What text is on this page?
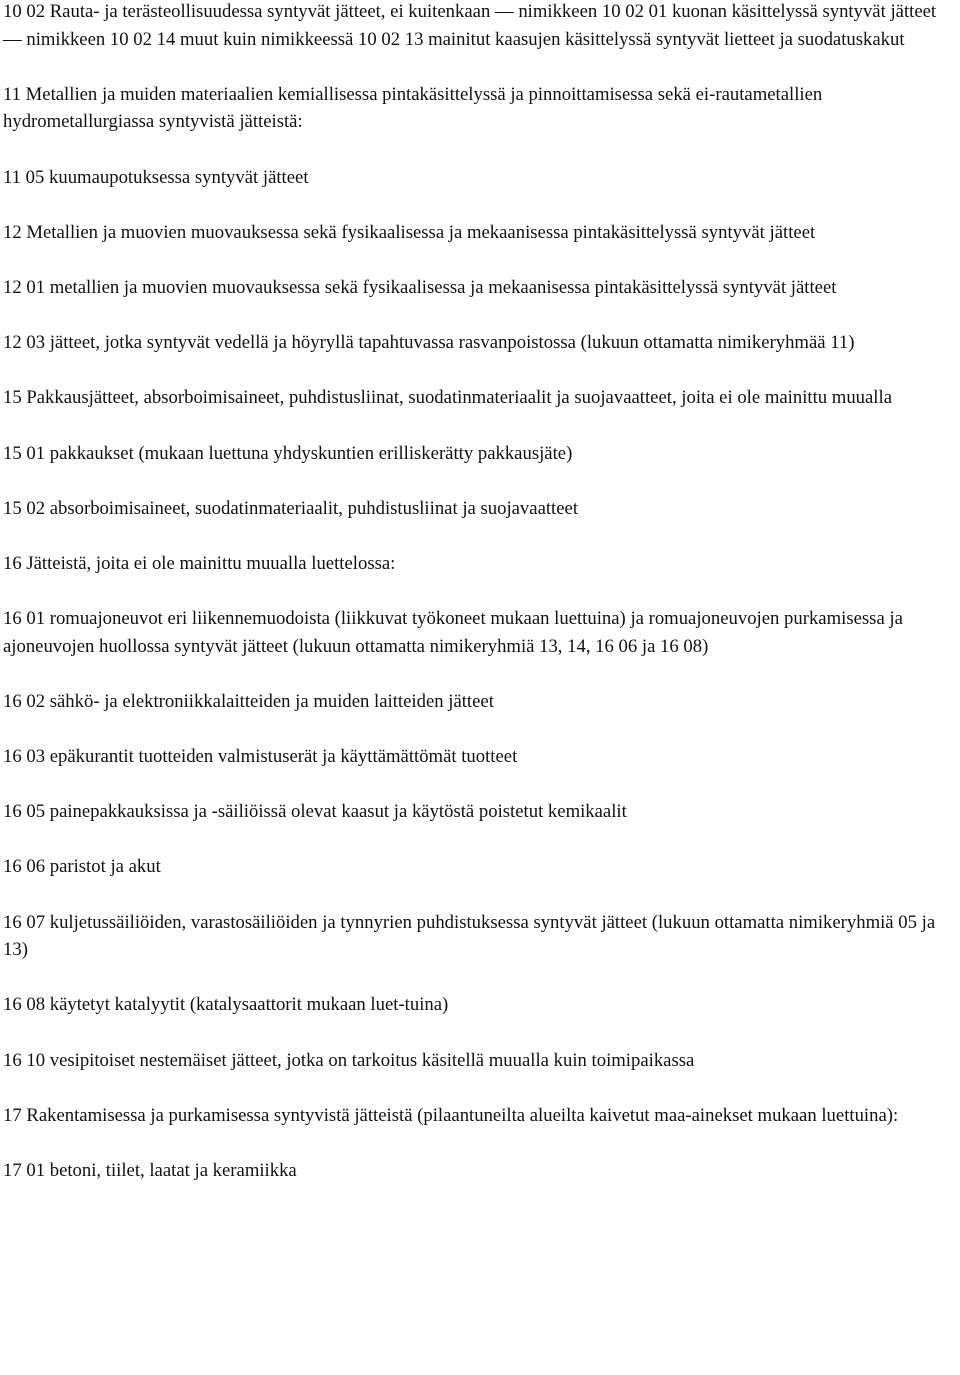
10 02 Rauta- ja terästeollisuudessa syntyvät jätteet, ei kuitenkaan — nimikkeen 10 02 01 kuonan käsittelyssä syntyvät jätteet — nimikkeen 10 02 14 muut kuin nimikkeessä 10 02 13 mainitut kaasujen käsittelyssä syntyvät lietteet ja suodatuskakut

11 Metallien ja muiden materiaalien kemiallisessa pintakäsittelyssä ja pinnoittamisessa sekä ei-rautametallien hydrometallurgiassa syntyvistä jätteistä:

11 05 kuumaupotuksessa syntyvät jätteet

12 Metallien ja muovien muovauksessa sekä fysikaalisessa ja mekaanisessa pintakäsittelyssä syntyvät jätteet

12 01 metallien ja muovien muovauksessa sekä fysikaalisessa ja mekaanisessa pintakäsittelyssä syntyvät jätteet

12 03 jätteet, jotka syntyvät vedellä ja höyryllä tapahtuvassa rasvanpoistossa (lukuun ottamatta nimikeryhmää 11)

15 Pakkausjätteet, absorboimisaineet, puhdistusliinat, suodatinmateriaalit ja suojavaatteet, joita ei ole mainittu muualla

15 01 pakkaukset (mukaan luettuna yhdyskuntien erilliskerätty pakkausjäte)

15 02 absorboimisaineet, suodatinmateriaalit, puhdistusliinat ja suojavaatteet

16 Jätteistä, joita ei ole mainittu muualla luettelossa:

16 01 romuajoneuvot eri liikennemuodoista (liikkuvat työkoneet mukaan luettuina) ja romuajoneuvojen purkamisessa ja ajoneuvojen huollossa syntyvät jätteet (lukuun ottamatta nimikeryhmiä 13, 14, 16 06 ja 16 08)

16 02 sähkö- ja elektroniikkalaitteiden ja muiden laitteiden jätteet

16 03 epäkurantit tuotteiden valmistuserät ja käyttämättömät tuotteet

16 05 painepakkauksissa ja -säiliöissä olevat kaasut ja käytöstä poistetut kemikaalit

16 06 paristot ja akut

16 07 kuljetussäiliöiden, varastosäiliöiden ja tynnyrien puhdistuksessa syntyvät jätteet (lukuun ottamatta nimikeryhmiä 05 ja 13)

16 08 käytetyt katalyytit (katalysaattorit mukaan luet-tuina)

16 10 vesipitoiset nestemäiset jätteet, jotka on tarkoitus käsitellä muualla kuin toimipaikassa

17 Rakentamisessa ja purkamisessa syntyvistä jätteistä (pilaantuneilta alueilta kaivetut maa-ainekset mukaan luettuina):

17 01 betoni, tiilet, laatat ja keramiikka
